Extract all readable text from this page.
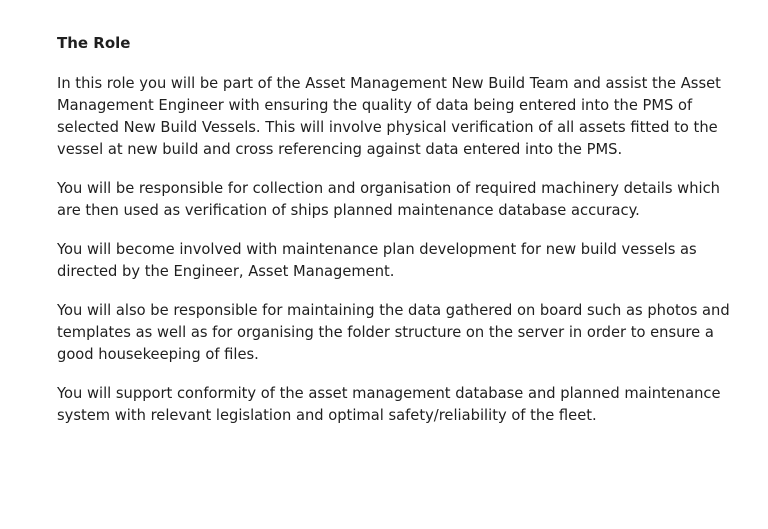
The Role

In this role you will be part of the Asset Management New Build Team and assist the Asset Management Engineer with ensuring the quality of data being entered into the PMS of selected New Build Vessels. This will involve physical verification of all assets fitted to the vessel at new build and cross referencing against data entered into the PMS.

You will be responsible for collection and organisation of required machinery details which are then used as verification of ships planned maintenance database accuracy.

You will become involved with maintenance plan development for new build vessels as directed by the Engineer, Asset Management.

You will also be responsible for maintaining the data gathered on board such as photos and templates as well as for organising the folder structure on the server in order to ensure a good housekeeping of files.

You will support conformity of the asset management database and planned maintenance system with relevant legislation and optimal safety/reliability of the fleet.
